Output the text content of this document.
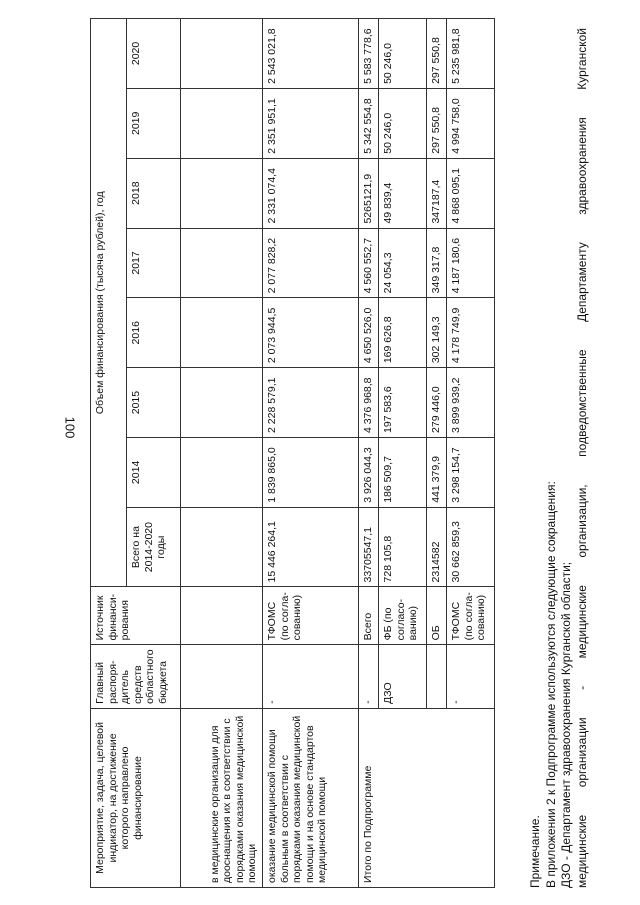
100
Мероприятие, задача, целевой индикатор, на достижение которого направлено финансирование	Главный распоря-дитель средств областного бюджета	Источник финанси-рования	Объем финансирования (тысяча рублей), год							
			Всего на 2014-2020 годы	2014	2015	2016	2017	2018	2019	2020
в медицинские организации для дооснащения их в соответствии с порядками оказания медицинской помощи										
оказание медицинской помощи больным в соответствии с порядками оказания медицинской помощи и на основе стандартов медицинской помощи	-	ТФОМС (по согла-сованию)	15 446 264,1	1 839 865,0	2 228 579,1	2 073 944,5	2 077 828,2	2 331 074,4	2 351 951,1	2 543 021,8
Итого по Подпрограмме	-	Всего	33705547,1	3 926 044,3	4 376 968,8	4 650 526,0	4 560 552,7	5265121,9	5 342 554,8	5 583 778,6
	ДЗО	ФБ (по согласо-ванию)	728 105,8	186 509,7	197 583,6	169 626,8	24 054,3	49 839,4	50 246,0	50 246,0
		ОБ	2314582	441 379,9	279 446,0	302 149,3	349 317,8	347187,4	297 550,8	297 550,8
	-	ТФОМС (по согла-сованию)	30 662 859,3	3 298 154,7	3 899 939,2	4 178 749,9	4 187 180,6	4 868 095,1	4 994 758,0	5 235 981,8

Примечание. В приложении 2 к Подпрограмме используются следующие сокращения: ДЗО - Департамент здравоохранения Курганской области; медицинские организации - медицинские организации, подведомственные Департаменту здравоохранения Курганской
